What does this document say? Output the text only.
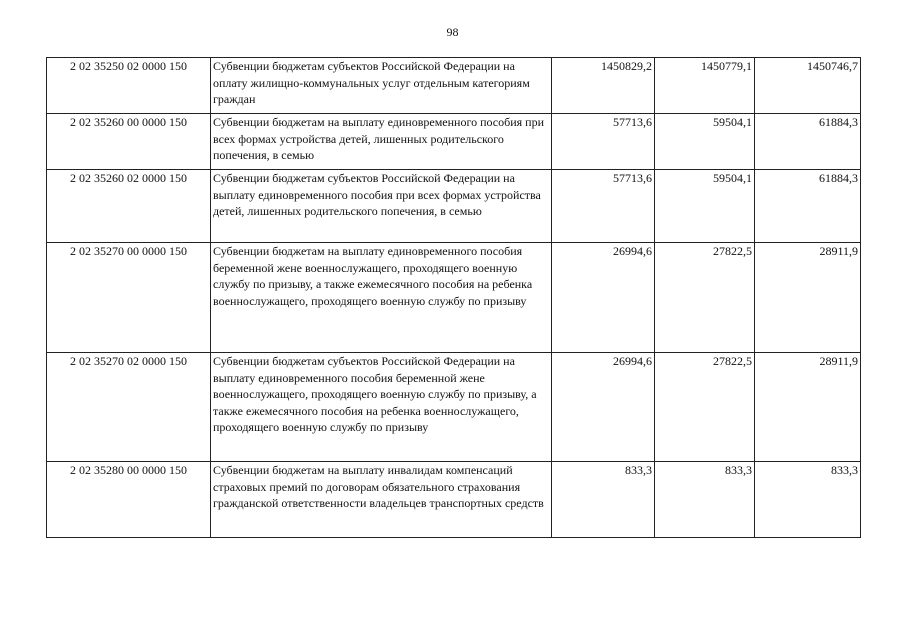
98
2 02 35250 02 0000 150	Субвенции бюджетам субъектов Российской Федерации на оплату жилищно-коммунальных услуг отдельным категориям граждан	1450829,2	1450779,1	1450746,7
2 02 35260 00 0000 150	Субвенции бюджетам на выплату единовременного пособия при всех формах устройства детей, лишенных родительского попечения, в семью	57713,6	59504,1	61884,3
2 02 35260 02 0000 150	Субвенции бюджетам субъектов Российской Федерации на выплату единовременного пособия при всех формах устройства детей, лишенных родительского попечения, в семью	57713,6	59504,1	61884,3
2 02 35270 00 0000 150	Субвенции бюджетам на выплату единовременного пособия беременной жене военнослужащего, проходящего военную службу по призыву, а также ежемесячного пособия на ребенка военнослужащего, проходящего военную службу по призыву	26994,6	27822,5	28911,9
2 02 35270 02 0000 150	Субвенции бюджетам субъектов Российской Федерации на выплату единовременного пособия беременной жене военнослужащего, проходящего военную службу по призыву, а также ежемесячного пособия на ребенка военнослужащего, проходящего военную службу по призыву	26994,6	27822,5	28911,9
2 02 35280 00 0000 150	Субвенции бюджетам на выплату инвалидам компенсаций страховых премий по договорам обязательного страхования гражданской ответственности владельцев транспортных средств	833,3	833,3	833,3
